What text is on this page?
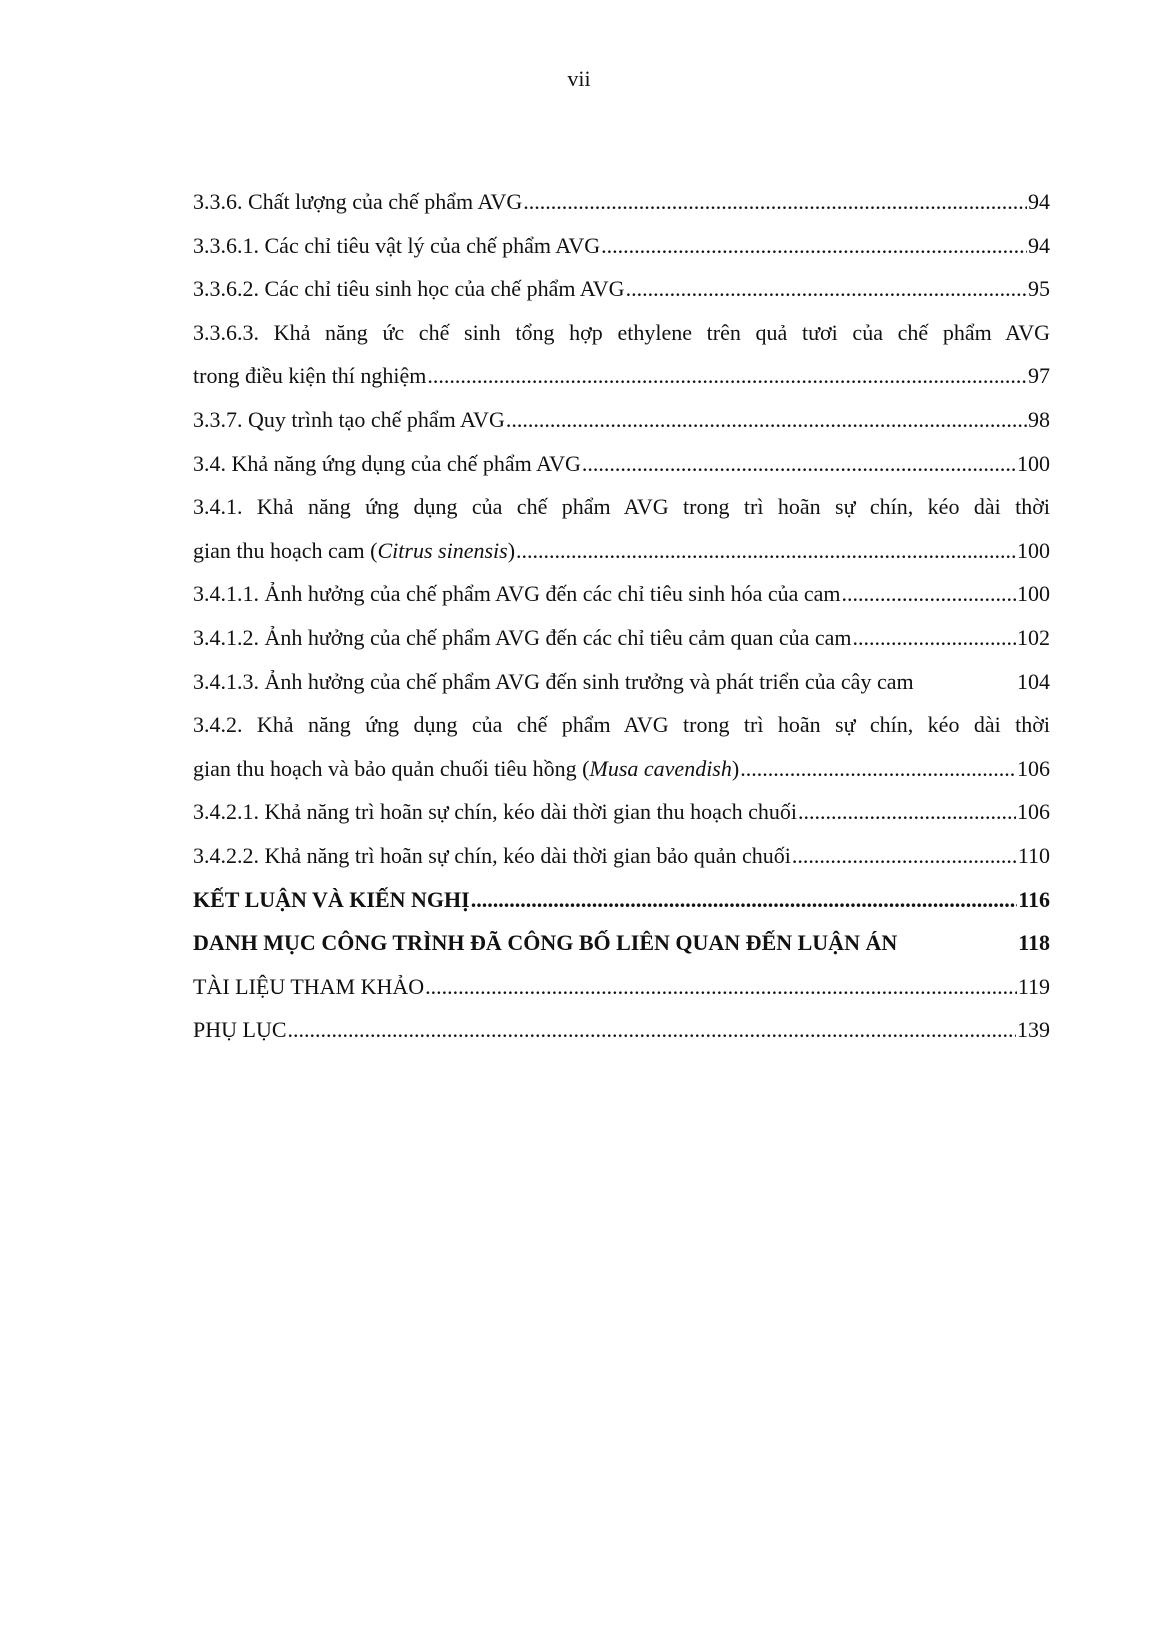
vii
3.3.6. Chất lượng của chế phẩm AVG .....	94
3.3.6.1. Các chỉ tiêu vật lý của chế phẩm AVG .....	94
3.3.6.2. Các chỉ tiêu sinh học của chế phẩm AVG .....	95
3.3.6.3. Khả năng ức chế sinh tổng hợp ethylene trên quả tươi của chế phẩm AVG
trong điều kiện thí nghiệm .....	97
3.3.7. Quy trình tạo chế phẩm AVG .....	98
3.4. Khả năng ứng dụng của chế phẩm AVG .....	100
3.4.1. Khả năng ứng dụng của chế phẩm AVG trong trì hoãn sự chín, kéo dài thời
gian thu hoạch cam (Citrus sinensis) .....	100
3.4.1.1. Ảnh hưởng của chế phẩm AVG đến các chỉ tiêu sinh hóa của cam .....	100
3.4.1.2. Ảnh hưởng của chế phẩm AVG đến các chỉ tiêu cảm quan của cam .....	102
3.4.1.3. Ảnh hưởng của chế phẩm AVG đến sinh trưởng và phát triển của cây cam	104
3.4.2. Khả năng ứng dụng của chế phẩm AVG trong trì hoãn sự chín, kéo dài thời
gian thu hoạch và bảo quản chuối tiêu hồng (Musa cavendish) .....	106
3.4.2.1. Khả năng trì hoãn sự chín, kéo dài thời gian thu hoạch chuối .....	106
3.4.2.2. Khả năng trì hoãn sự chín, kéo dài thời gian bảo quản chuối .....	110
KẾT LUẬN VÀ KIẾN NGHỊ .....	116
DANH MỤC CÔNG TRÌNH ĐÃ CÔNG BỐ LIÊN QUAN ĐẾN LUẬN ÁN	118
TÀI LIỆU THAM KHẢO .....	119
PHỤ LỤC .....	139
